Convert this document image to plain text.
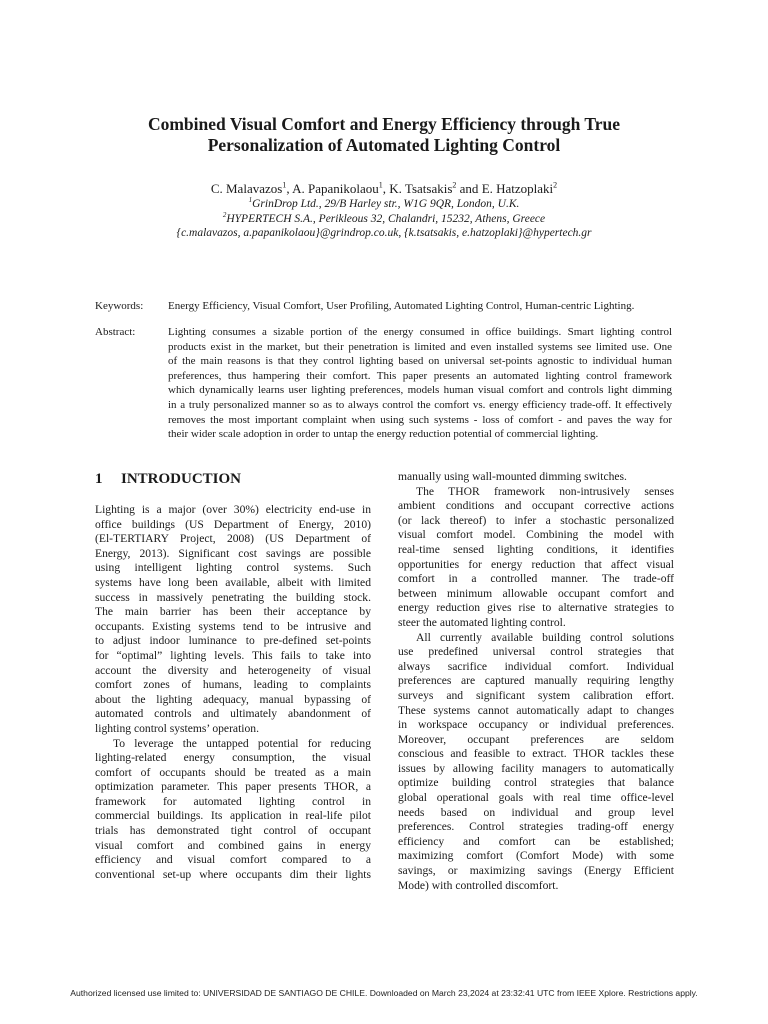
Combined Visual Comfort and Energy Efficiency through True
Personalization of Automated Lighting Control
C. Malavazos$^1$, A. Papanikolaou$^1$, K. Tsatsakis$^2$ and E. Hatzoplaki$^2$
$^1$GrinDrop Ltd., 29/B Harley str., W1G 9QR, London, U.K.
$^2$HYPERTECH S.A., Perikleous 32, Chalandri, 15232, Athens, Greece
{c.malavazos, a.papanikolaou}@grindrop.co.uk, {k.tsatsakis, e.hatzoplaki}@hypertech.gr
Keywords: Energy Efficiency, Visual Comfort, User Profiling, Automated Lighting Control, Human-centric Lighting.
Abstract:	Lighting consumes a sizable portion of the energy consumed in office buildings. Smart lighting control
products exist in the market, but their penetration is limited and even installed systems see limited use. One
of the main reasons is that they control lighting based on universal set-points agnostic to individual human
preferences, thus hampering their comfort. This paper presents an automated lighting control framework
which dynamically learns user lighting preferences, models human visual comfort and controls light dimming
in a truly personalized manner so as to always control the comfort vs. energy efficiency trade-off. It effectively
removes the most important complaint when using such systems - loss of comfort - and paves the way for
their wider scale adoption in order to untap the energy reduction potential of commercial lighting.
1 INTRODUCTION
Lighting is a major (over 30%) electricity end-use in
office buildings (US Department of Energy, 2010)
(El-TERTIARY Project, 2008) (US Department of
Energy, 2013). Significant cost savings are possible
using intelligent lighting control systems. Such
systems have long been available, albeit with limited
success in massively penetrating the building stock.
The main barrier has been their acceptance by
occupants. Existing systems tend to be intrusive and
to adjust indoor luminance to pre-defined set-points
for “optimal” lighting levels. This fails to take into
account the diversity and heterogeneity of visual
comfort zones of humans, leading to complaints
about the lighting adequacy, manual bypassing of
automated controls and ultimately abandonment of
lighting control systems’ operation.
To leverage the untapped potential for reducing
lighting-related energy consumption, the visual
comfort of occupants should be treated as a main
optimization parameter. This paper presents THOR, a
framework for automated lighting control in
commercial buildings. Its application in real-life pilot
trials has demonstrated tight control of occupant
visual comfort and combined gains in energy
efficiency and visual comfort compared to a
conventional set-up where occupants dim their lights
manually using wall-mounted dimming switches.
The THOR framework non-intrusively senses
ambient conditions and occupant corrective actions
(or lack thereof) to infer a stochastic personalized
visual comfort model. Combining the model with
real-time sensed lighting conditions, it identifies
opportunities for energy reduction that affect visual
comfort in a controlled manner. The trade-off
between minimum allowable occupant comfort and
energy reduction gives rise to alternative strategies to
steer the automated lighting control.
All currently available building control solutions
use predefined universal control strategies that
always sacrifice individual comfort. Individual
preferences are captured manually requiring lengthy
surveys and significant system calibration effort.
These systems cannot automatically adapt to changes
in workspace occupancy or individual preferences.
Moreover, occupant preferences are seldom
conscious and feasible to extract. THOR tackles these
issues by allowing facility managers to automatically
optimize building control strategies that balance
global operational goals with real time office-level
needs based on individual and group level
preferences. Control strategies trading-off energy
efficiency and comfort can be established;
maximizing comfort (Comfort Mode) with some
savings, or maximizing savings (Energy Efficient
Mode) with controlled discomfort.
Authorized licensed use limited to: UNIVERSIDAD DE SANTIAGO DE CHILE. Downloaded on March 23,2024 at 23:32:41 UTC from IEEE Xplore. Restrictions apply.
